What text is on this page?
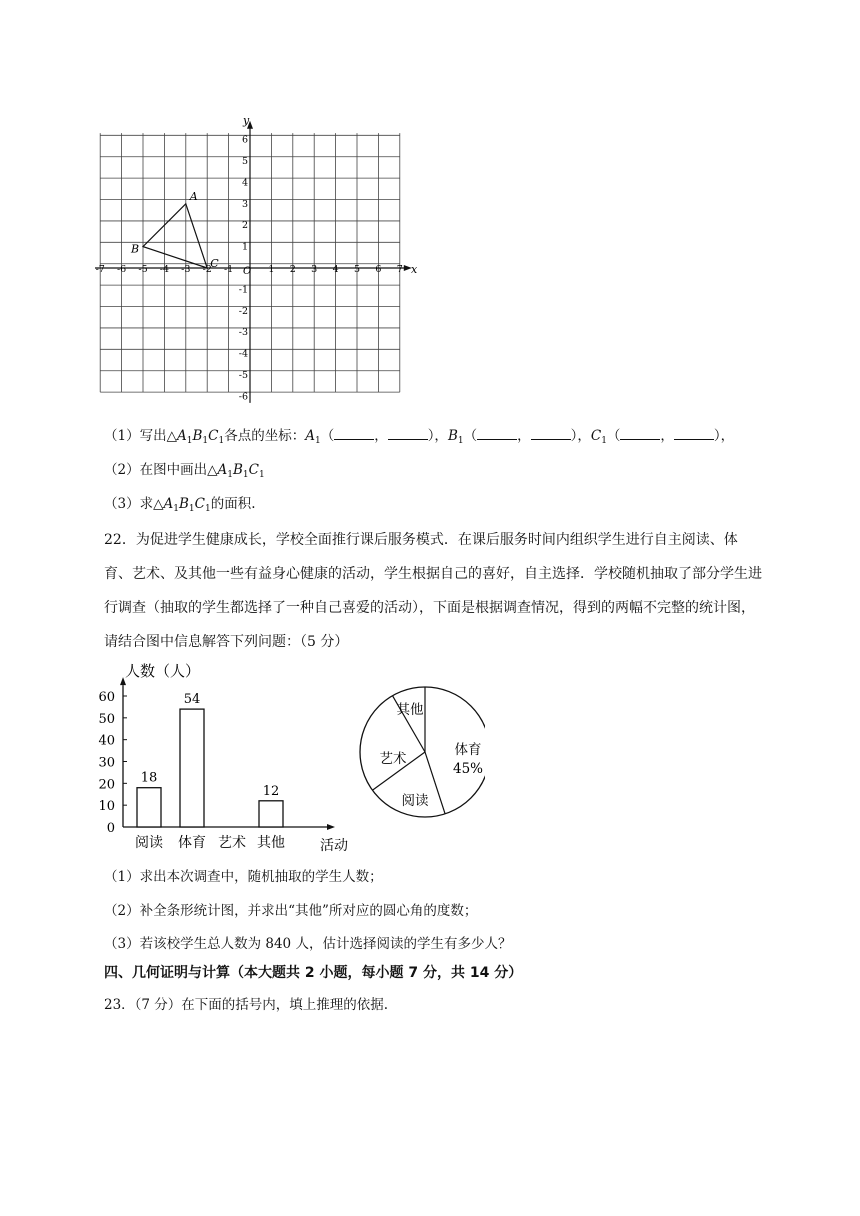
-7 -6 -5 -4 -3 -2 -1	1 2 3 4 5 6 7
6
5
4
3
2
1
-1
-2
-3
-4
-5
-6
A
B
C
y
x
O
（1）写出$\triangle A_1B_1C_1$各点的坐标：$A_1$（	，	），$B_1$（	，	），$C_1$（	，	），
（2）在图中画出$\triangle A_1B_1C_1$
（3）求$\triangle A_1B_1C_1$的面积.
22．为促进学生健康成长，学校全面推行课后服务模式．在课后服务时间内组织学生进行自主阅读、体育、艺术、及其他一些有益身心健康的活动，学生根据自己的喜好，自主选择．学校随机抽取了部分学生进行调查（抽取的学生都选择了一种自己喜爱的活动），下面是根据调查情况，得到的两幅不完整的统计图，请结合图中信息解答下列问题：（5 分）
0
10
20
30
40
50
60
18
54
12
阅读 体育 艺术 其他
人数（人）
活动
体育
45%
阅读
艺术
其他
（1）求出本次调查中，随机抽取的学生人数；
（2）补全条形统计图，并求出“其他”所对应的圆心角的度数；
（3）若该校学生总人数为 840 人，估计选择阅读的学生有多少人？
四、几何证明与计算（本大题共 2 小题，每小题 7 分，共 14 分）
23．（7 分）在下面的括号内，填上推理的依据.
